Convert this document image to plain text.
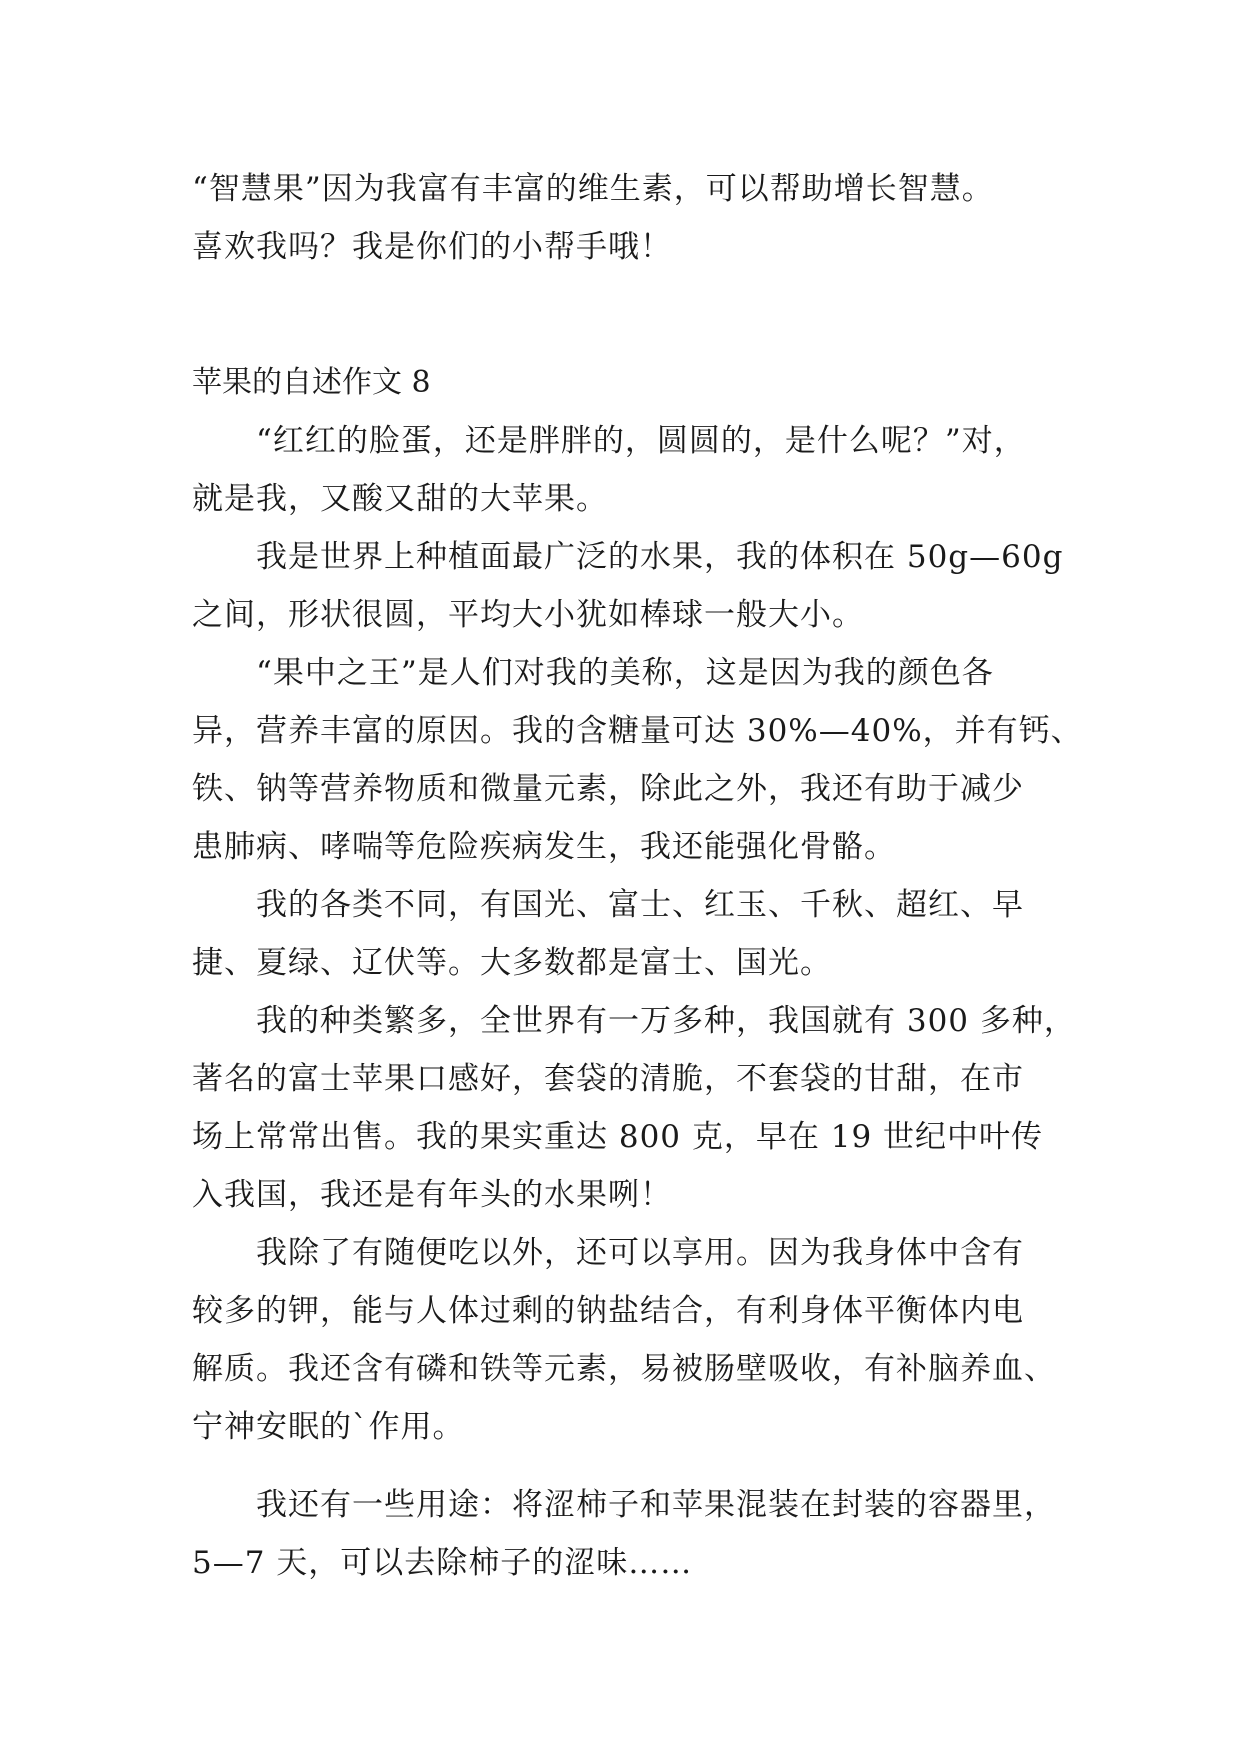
“智慧果”因为我富有丰富的维生素，可以帮助增长智慧。
喜欢我吗？我是你们的小帮手哦！
苹果的自述作文 8
　　“红红的脸蛋，还是胖胖的，圆圆的，是什么呢？”对，
就是我，又酸又甜的大苹果。
　　我是世界上种植面最广泛的水果，我的体积在 50g—60g
之间，形状很圆，平均大小犹如棒球一般大小。
　　“果中之王”是人们对我的美称，这是因为我的颜色各
异，营养丰富的原因。我的含糖量可达 30%—40%，并有钙、
铁、钠等营养物质和微量元素，除此之外，我还有助于减少
患肺病、哮喘等危险疾病发生，我还能强化骨骼。
　　我的各类不同，有国光、富士、红玉、千秋、超红、早
捷、夏绿、辽伏等。大多数都是富士、国光。
　　我的种类繁多，全世界有一万多种，我国就有 300 多种，
著名的富士苹果口感好，套袋的清脆，不套袋的甘甜，在市
场上常常出售。我的果实重达 800 克，早在 19 世纪中叶传
入我国，我还是有年头的水果咧！
　　我除了有随便吃以外，还可以享用。因为我身体中含有
较多的钾，能与人体过剩的钠盐结合，有利身体平衡体内电
解质。我还含有磷和铁等元素，易被肠壁吸收，有补脑养血、
宁神安眠的`作用。
　　我还有一些用途：将涩柿子和苹果混装在封装的容器里，
5—7 天，可以去除柿子的涩味……
